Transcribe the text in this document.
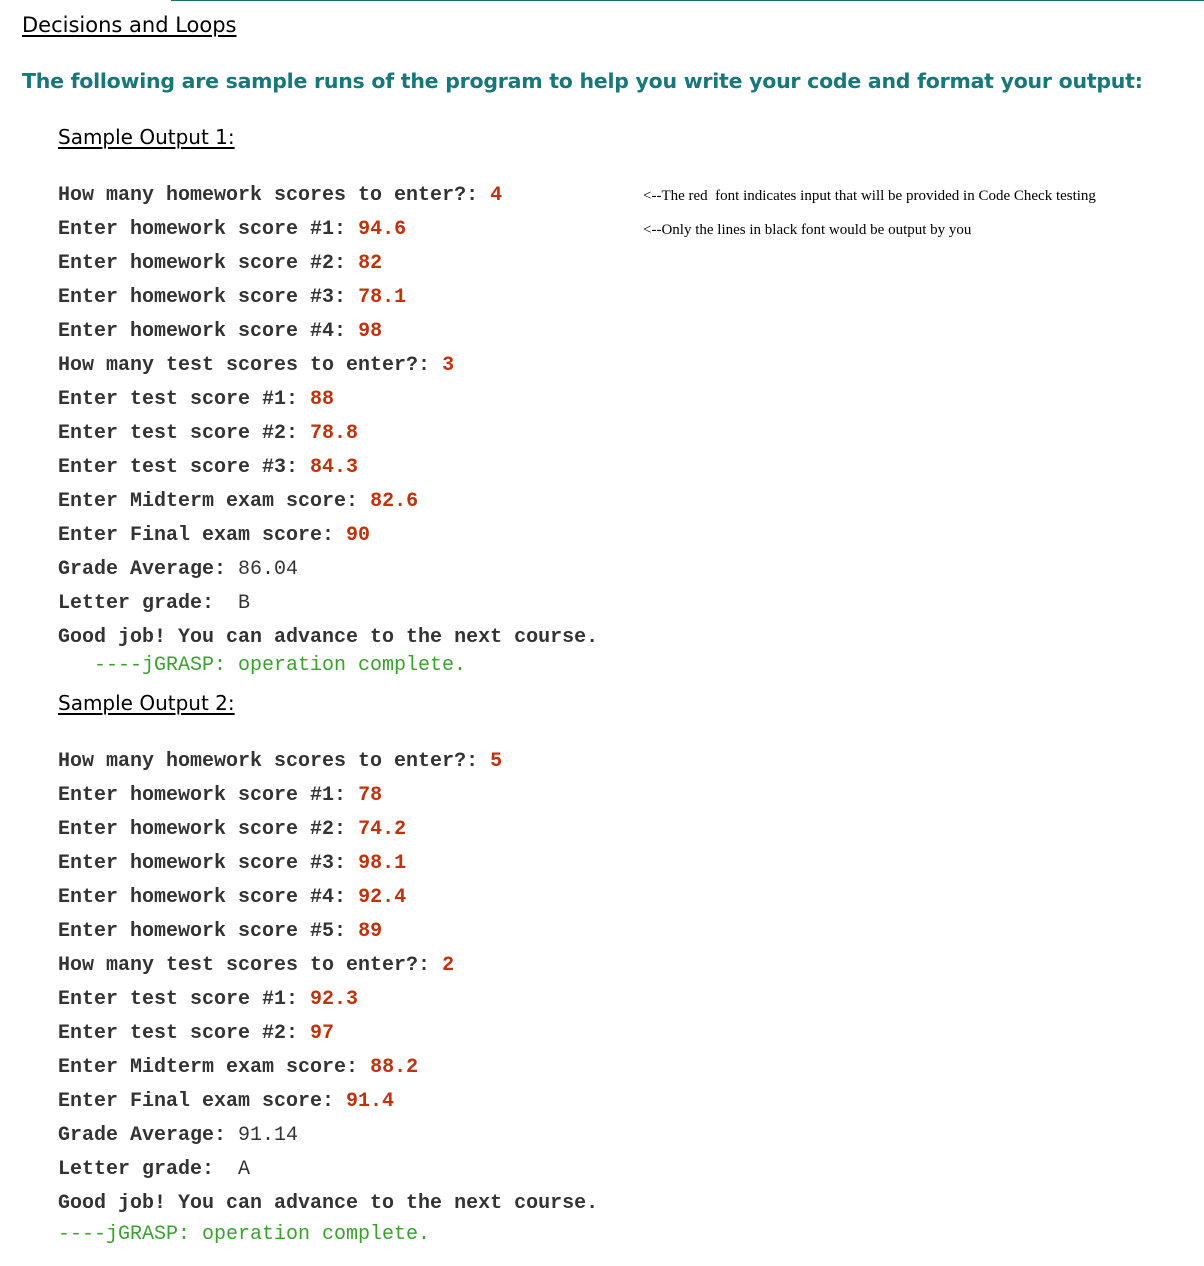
Decisions and Loops

The following are sample runs of the program to help you write your code and format your output:

Sample Output 1:
How many homework scores to enter?: 4
Enter homework score #1: 94.6
Enter homework score #2: 82
Enter homework score #3: 78.1
Enter homework score #4: 98
How many test scores to enter?: 3
Enter test score #1: 88
Enter test score #2: 78.8
Enter test score #3: 84.3
Enter Midterm exam score: 82.6
Enter Final exam score: 90
Grade Average: 86.04
Letter grade:  B
Good job! You can advance to the next course.

----jGRASP: operation complete.

<--The red  font indicates input that will be provided in Code Check testing

<--Only the lines in black font would be output by you

Sample Output 2:
How many homework scores to enter?: 5
Enter homework score #1: 78
Enter homework score #2: 74.2
Enter homework score #3: 98.1
Enter homework score #4: 92.4
Enter homework score #5: 89
How many test scores to enter?: 2
Enter test score #1: 92.3
Enter test score #2: 97
Enter Midterm exam score: 88.2
Enter Final exam score: 91.4
Grade Average: 91.14
Letter grade:  A
Good job! You can advance to the next course.

----jGRASP: operation complete.
